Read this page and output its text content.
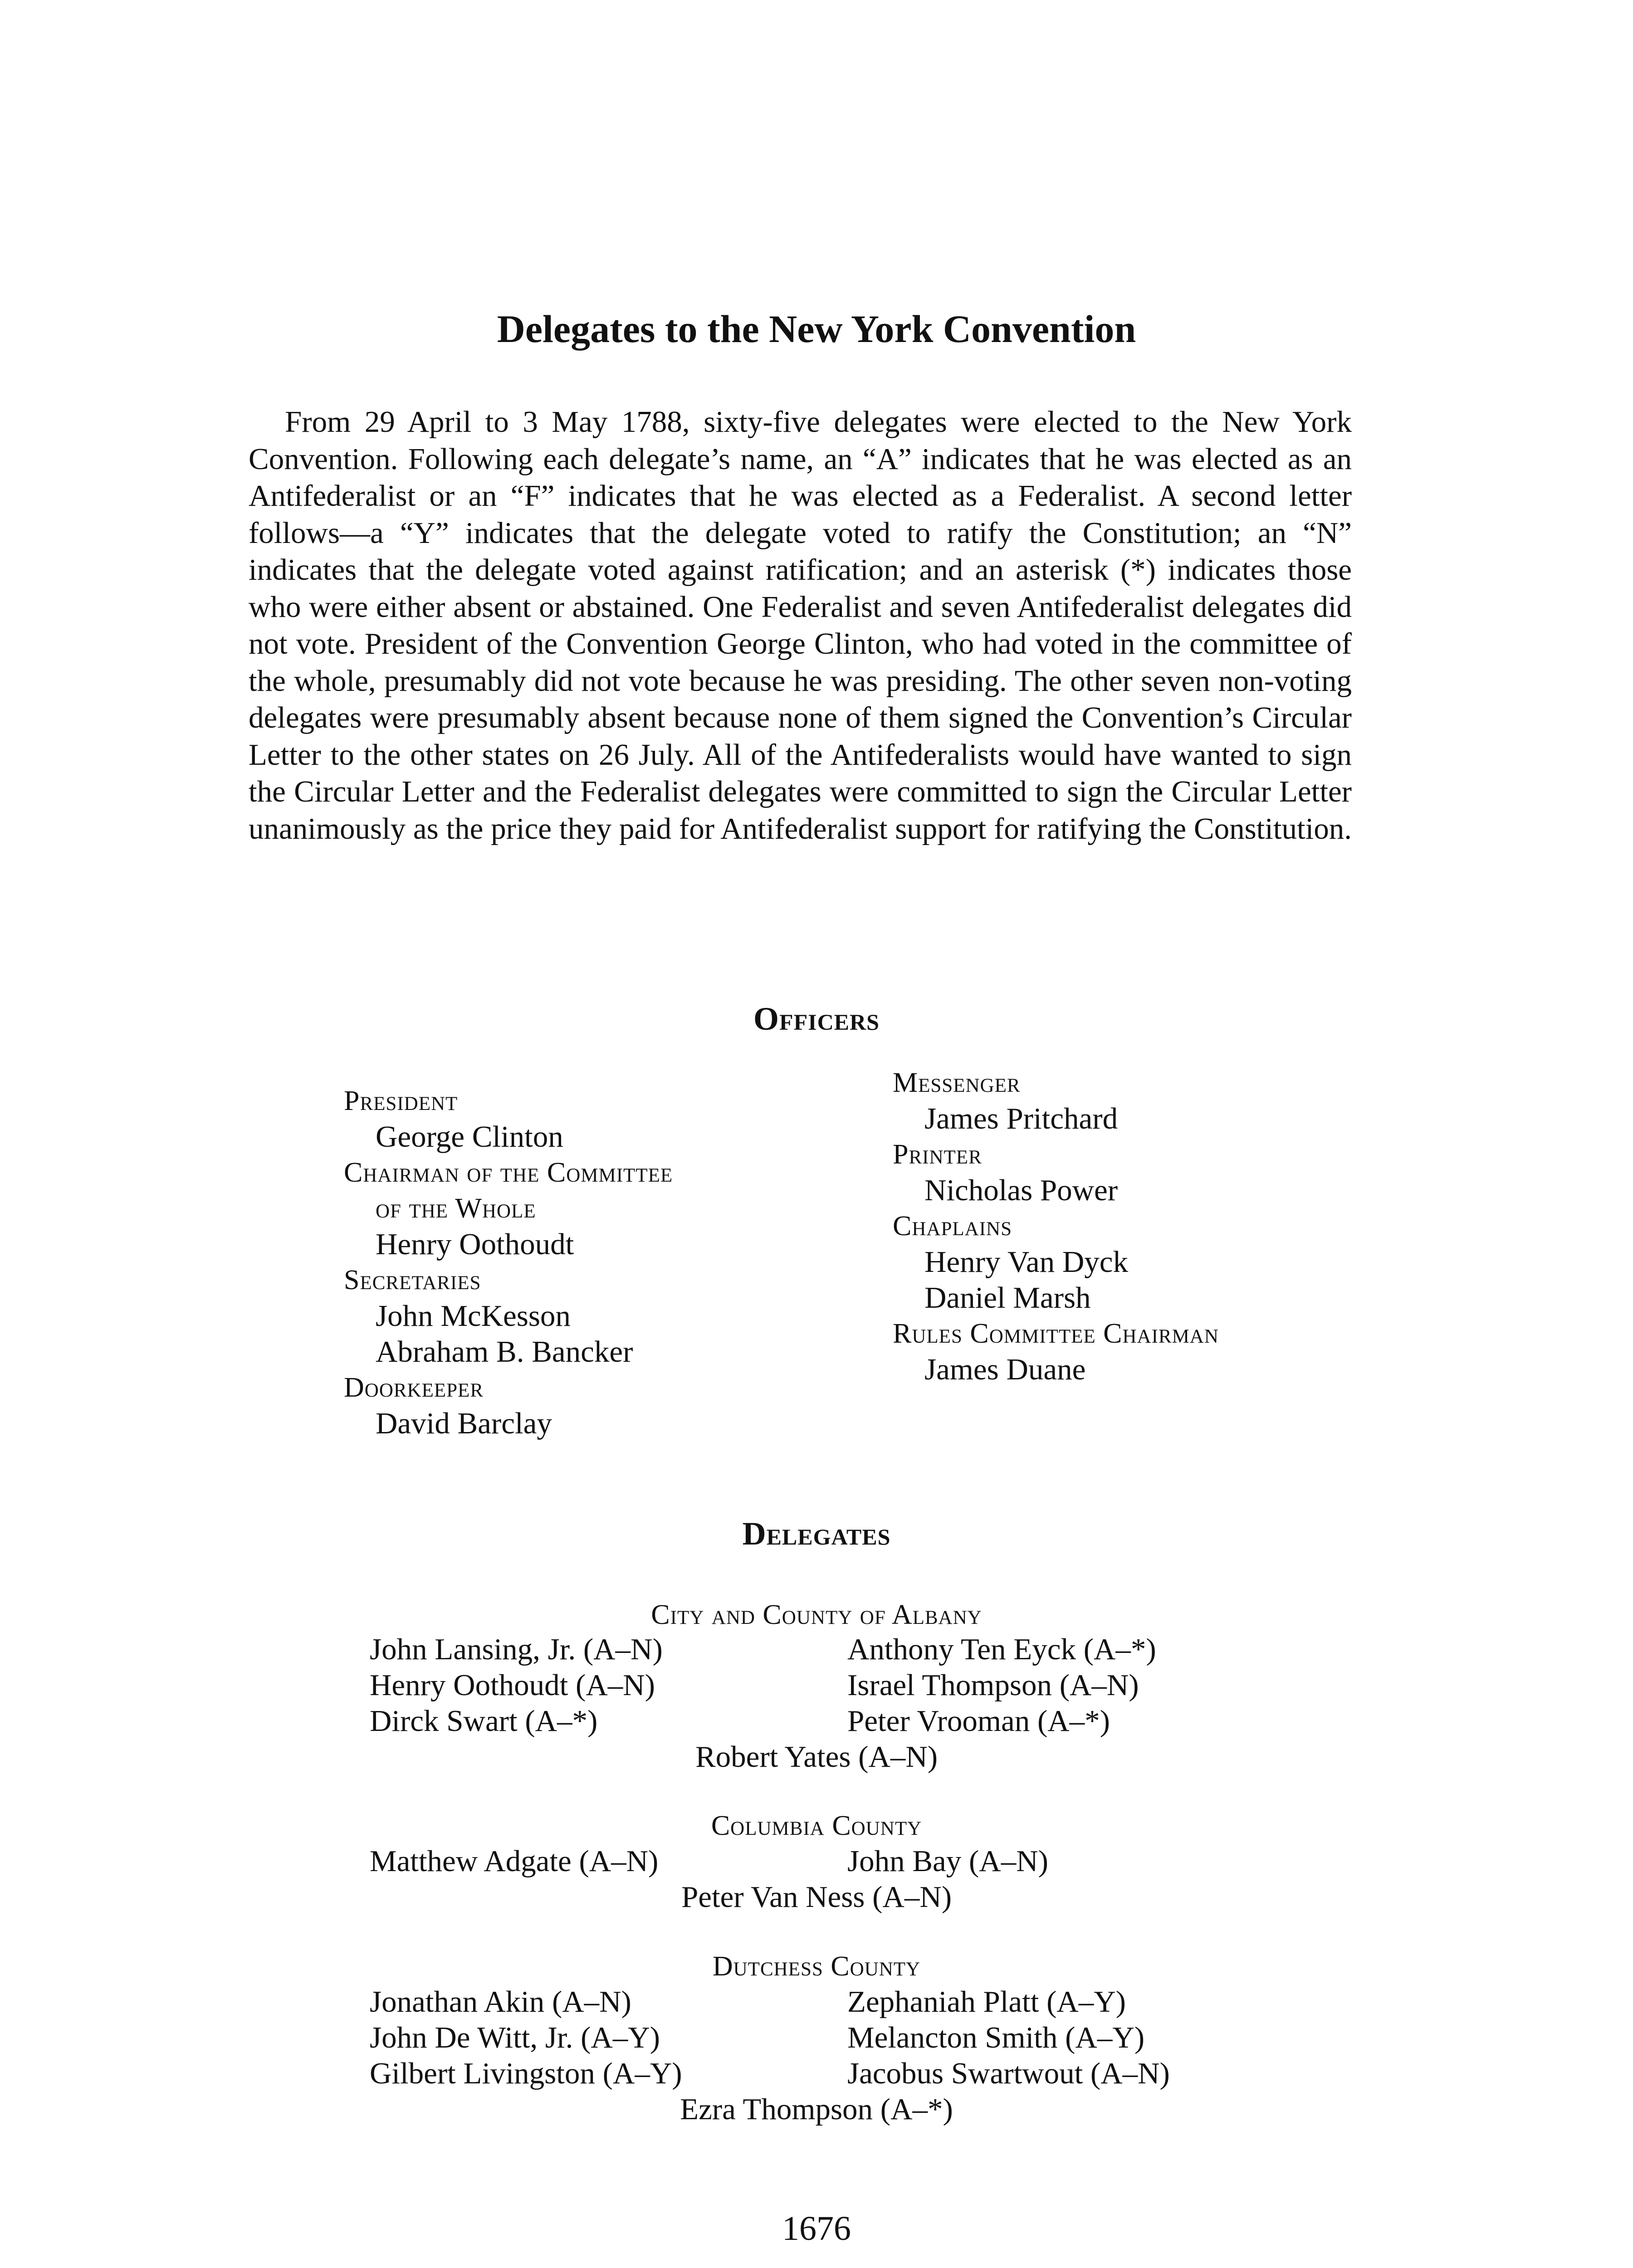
Delegates to the New York Convention

From 29 April to 3 May 1788, sixty-five delegates were elected to the New York Convention. Following each delegate’s name, an “A” indicates that he was elected as an Antifederalist or an “F” indicates that he was elected as a Federalist. A second letter follows—a “Y” indicates that the delegate voted to ratify the Constitution; an “N” indicates that the delegate voted against ratification; and an asterisk (*) indicates those who were either absent or abstained. One Federalist and seven Antifederalist delegates did not vote. President of the Convention George Clinton, who had voted in the committee of the whole, presumably did not vote because he was presiding. The other seven non-voting delegates were presumably absent because none of them signed the Convention’s Circular Letter to the other states on 26 July. All of the Antifederalists would have wanted to sign the Circular Letter and the Federalist delegates were committed to sign the Circular Letter unanimously as the price they paid for Antifederalist support for ratifying the Constitution.

Officers
President
George Clinton
Chairman of the Committee
of the Whole
Henry Oothoudt
Secretaries
John McKesson
Abraham B. Bancker
Doorkeeper
David Barclay
Messenger
James Pritchard
Printer
Nicholas Power
Chaplains
Henry Van Dyck
Daniel Marsh
Rules Committee Chairman
James Duane
Delegates
City and County of Albany
John Lansing, Jr. (A–N)	Anthony Ten Eyck (A–*)
Henry Oothoudt (A–N)	Israel Thompson (A–N)
Dirck Swart (A–*)	Peter Vrooman (A–*)
Robert Yates (A–N)
Columbia County
Matthew Adgate (A–N)	John Bay (A–N)
Peter Van Ness (A–N)
Dutchess County
Jonathan Akin (A–N)	Zephaniah Platt (A–Y)
John De Witt, Jr. (A–Y)	Melancton Smith (A–Y)
Gilbert Livingston (A–Y)	Jacobus Swartwout (A–N)
Ezra Thompson (A–*)
1676
